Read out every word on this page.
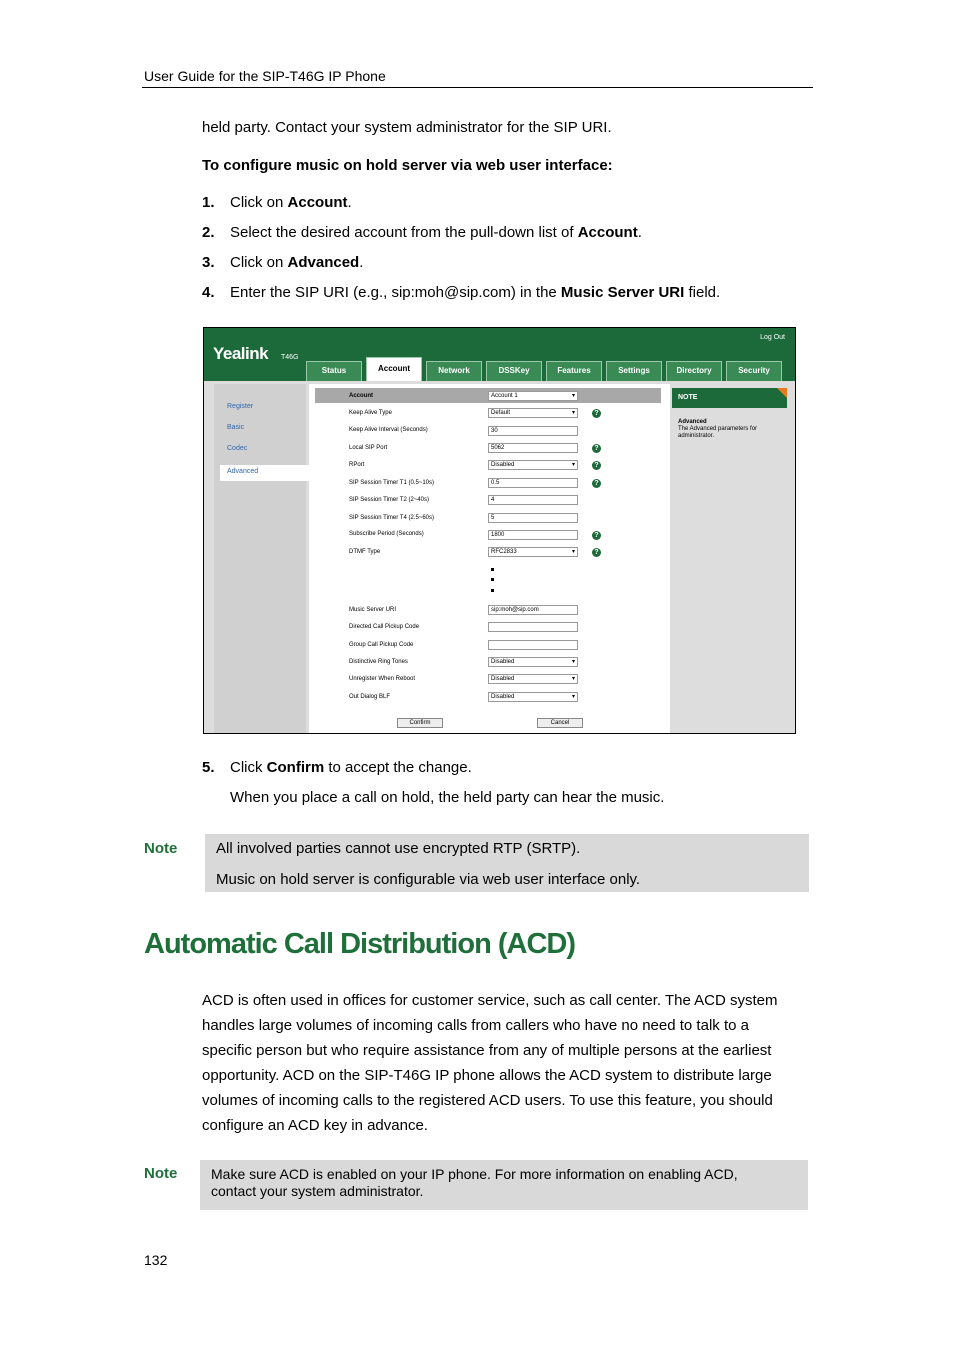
User Guide for the SIP-T46G IP Phone
held party. Contact your system administrator for the SIP URI.
To configure music on hold server via web user interface:
1. Click on Account.
2. Select the desired account from the pull-down list of Account.
3. Click on Advanced.
4. Enter the SIP URI (e.g., sip:moh@sip.com) in the Music Server URI field.
Yealink T46G
Log Out
Status	Account	Network	DSSKey	Features	Settings	Directory	Security
Register
Basic
Codec
Advanced
Account	Account 1 ▾
Keep Alive Type	Default ▾	?
Keep Alive Interval (Seconds)	30
Local SIP Port	5062	?
RPort	Disabled ▾	?
SIP Session Timer T1 (0.5~10s)	0.5	?
SIP Session Timer T2 (2~40s)	4
SIP Session Timer T4 (2.5~60s)	5
Subscribe Period (Seconds)	1800	?
DTMF Type	RFC2833 ▾	?
Music Server URI	sip:moh@sip.com
Directed Call Pickup Code
Group Call Pickup Code
Distinctive Ring Tones	Disabled ▾
Unregister When Reboot	Disabled ▾
Out Dialog BLF	Disabled ▾
Confirm	Cancel
NOTE
Advanced
The Advanced parameters for administrator.
5. Click Confirm to accept the change.
When you place a call on hold, the held party can hear the music.
Note	All involved parties cannot use encrypted RTP (SRTP).
Music on hold server is configurable via web user interface only.
Automatic Call Distribution (ACD)
ACD is often used in offices for customer service, such as call center. The ACD system
handles large volumes of incoming calls from callers who have no need to talk to a
specific person but who require assistance from any of multiple persons at the earliest
opportunity. ACD on the SIP-T46G IP phone allows the ACD system to distribute large
volumes of incoming calls to the registered ACD users. To use this feature, you should
configure an ACD key in advance.
Note Make sure ACD is enabled on your IP phone. For more information on enabling ACD,
contact your system administrator.
132
